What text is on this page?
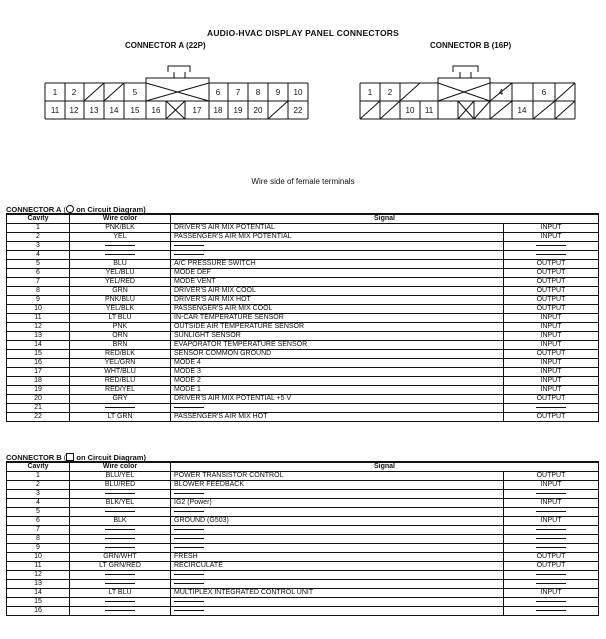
AUDIO-HVAC DISPLAY PANEL CONNECTORS
CONNECTOR A (22P)	CONNECTOR B (16P)
1 2	5	6 7 8 9 10
11 12 13 14 15 16	17 18 19 20	22
1 2	4	6
10 11	14
Wire side of female terminals
CONNECTOR A ( on Circuit Diagram)
Cavity	Wire color	Signal	
1	PNK/BLK	DRIVER'S AIR MIX POTENTIAL	INPUT
2	YEL	PASSENGER'S AIR MIX POTENTIAL	INPUT
3			
4			
5	BLU	A/C PRESSURE SWITCH	OUTPUT
6	YEL/BLU	MODE DEF	OUTPUT
7	YEL/RED	MODE VENT	OUTPUT
8	GRN	DRIVER'S AIR MIX COOL	OUTPUT
9	PNK/BLU	DRIVER'S AIR MIX HOT	OUTPUT
10	YEL/BLK	PASSENGER'S AIR MIX COOL	OUTPUT
11	LT BLU	IN-CAR TEMPERATURE SENSOR	INPUT
12	PNK	OUTSIDE AIR TEMPERATURE SENSOR	INPUT
13	ORN	SUNLIGHT SENSOR	INPUT
14	BRN	EVAPORATOR TEMPERATURE SENSOR	INPUT
15	RED/BLK	SENSOR COMMON GROUND	OUTPUT
16	YEL/GRN	MODE 4	INPUT
17	WHT/BLU	MODE 3	INPUT
18	RED/BLU	MODE 2	INPUT
19	RED/YEL	MODE 1	INPUT
20	GRY	DRIVER'S AIR MIX POTENTIAL +5 V	OUTPUT
21			
22	LT GRN	PASSENGER'S AIR MIX HOT	OUTPUT
CONNECTOR B ( on Circuit Diagram)
Cavity	Wire color	Signal	
1	BLU/YEL	POWER TRANSISTOR CONTROL	OUTPUT
2	BLU/RED	BLOWER FEEDBACK	INPUT
3			
4	BLK/YEL	IG2 (Power)	INPUT
5			
6	BLK	GROUND (G503)	INPUT
7			
8			
9			
10	GRN/WHT	FRESH	OUTPUT
11	LT GRN/RED	RECIRCULATE	OUTPUT
12			
13			
14	LT BLU	MULTIPLEX INTEGRATED CONTROL UNIT	INPUT
15			
16			
